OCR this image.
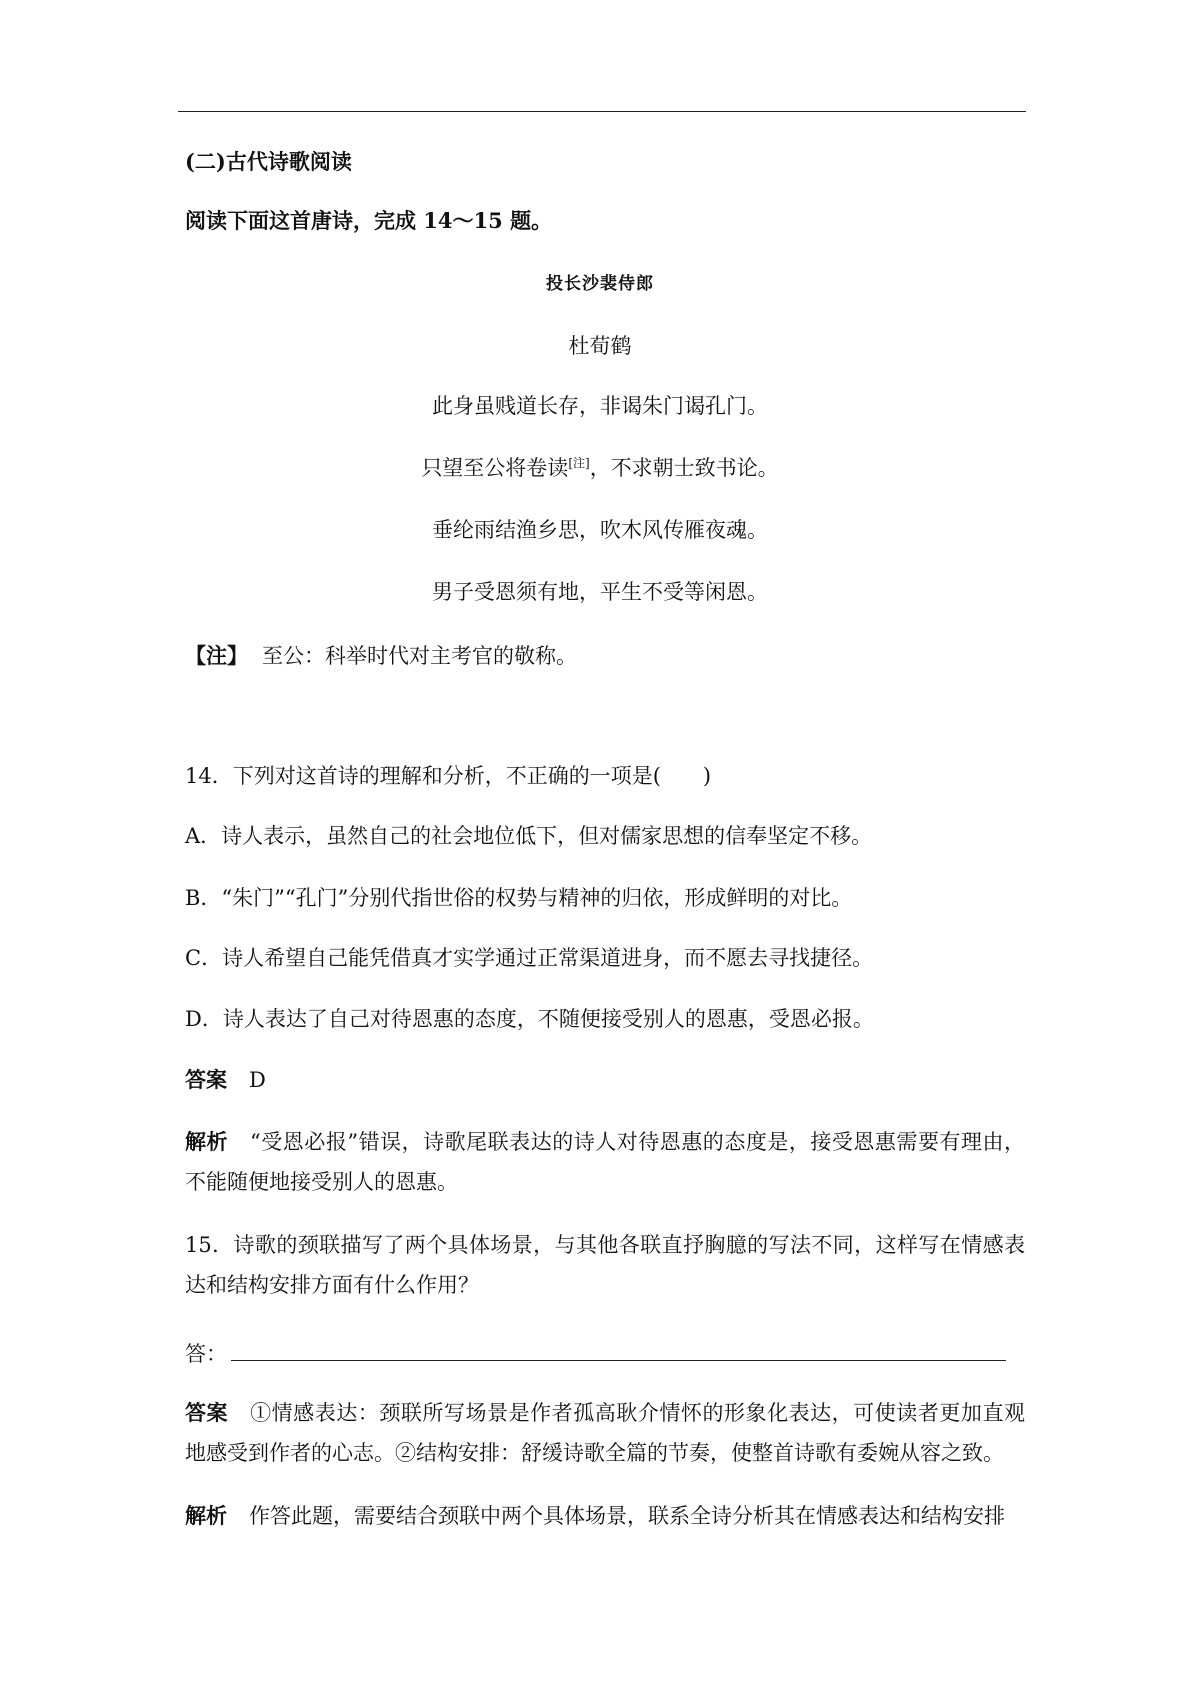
(二)古代诗歌阅读
阅读下面这首唐诗，完成 14～15 题。
投长沙裴侍郎
杜荀鹤
此身虽贱道长存，非谒朱门谒孔门。
只望至公将卷读[注]，不求朝士致书论。
垂纶雨结渔乡思，吹木风传雁夜魂。
男子受恩须有地，平生不受等闲恩。
【注】 至公：科举时代对主考官的敬称。
14．下列对这首诗的理解和分析，不正确的一项是(　　)
A．诗人表示，虽然自己的社会地位低下，但对儒家思想的信奉坚定不移。
B．“朱门”“孔门”分别代指世俗的权势与精神的归依，形成鲜明的对比。
C．诗人希望自己能凭借真才实学通过正常渠道进身，而不愿去寻找捷径。
D．诗人表达了自己对待恩惠的态度，不随便接受别人的恩惠，受恩必报。
答案 D
解析 “受恩必报”错误，诗歌尾联表达的诗人对待恩惠的态度是，接受恩惠需要有理由，不能随便地接受别人的恩惠。
15．诗歌的颈联描写了两个具体场景，与其他各联直抒胸臆的写法不同，这样写在情感表达和结构安排方面有什么作用？
答：
答案 ①情感表达：颈联所写场景是作者孤高耿介情怀的形象化表达，可使读者更加直观地感受到作者的心志。②结构安排：舒缓诗歌全篇的节奏，使整首诗歌有委婉从容之致。
解析 作答此题，需要结合颈联中两个具体场景，联系全诗分析其在情感表达和结构安排
